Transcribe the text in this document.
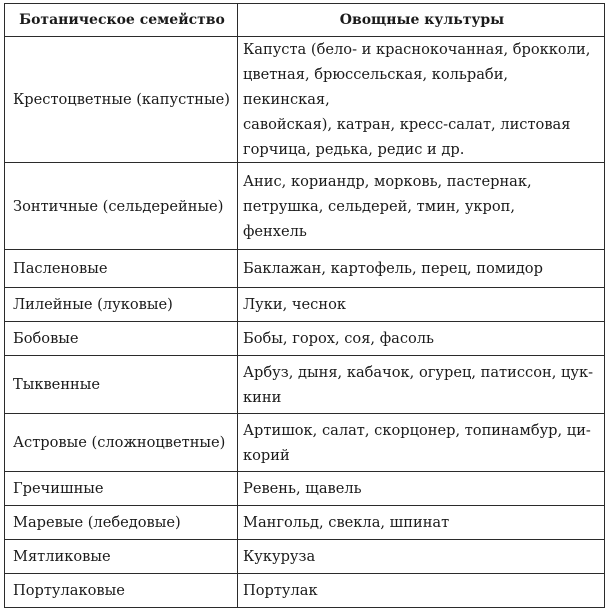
Ботаническое семейство	Овощные культуры
Крестоцветные (капустные)	Капуста (бело- и краснокочанная, брокколи,
цветная, брюссельская, кольраби, пекинская,
савойская), катран, кресс-салат, листовая
горчица, редька, редис и др.

Зонтичные (сельдерейные)	Анис, кориандр, морковь, пастернак,
петрушка, сельдерей, тмин, укроп,
фенхель

Пасленовые	Баклажан, картофель, перец, помидор

Лилейные (луковые)	Луки, чеснок

Бобовые	Бобы, горох, соя, фасоль

Тыквенные	Арбуз, дыня, кабачок, огурец, патиссон, цук-
кини

Астровые (сложноцветные)	Артишок, салат, скорцонер, топинамбур, ци-
корий

Гречишные	Ревень, щавель

Маревые (лебедовые)	Мангольд, свекла, шпинат

Мятликовые	Кукуруза

Портулаковые	Портулак
